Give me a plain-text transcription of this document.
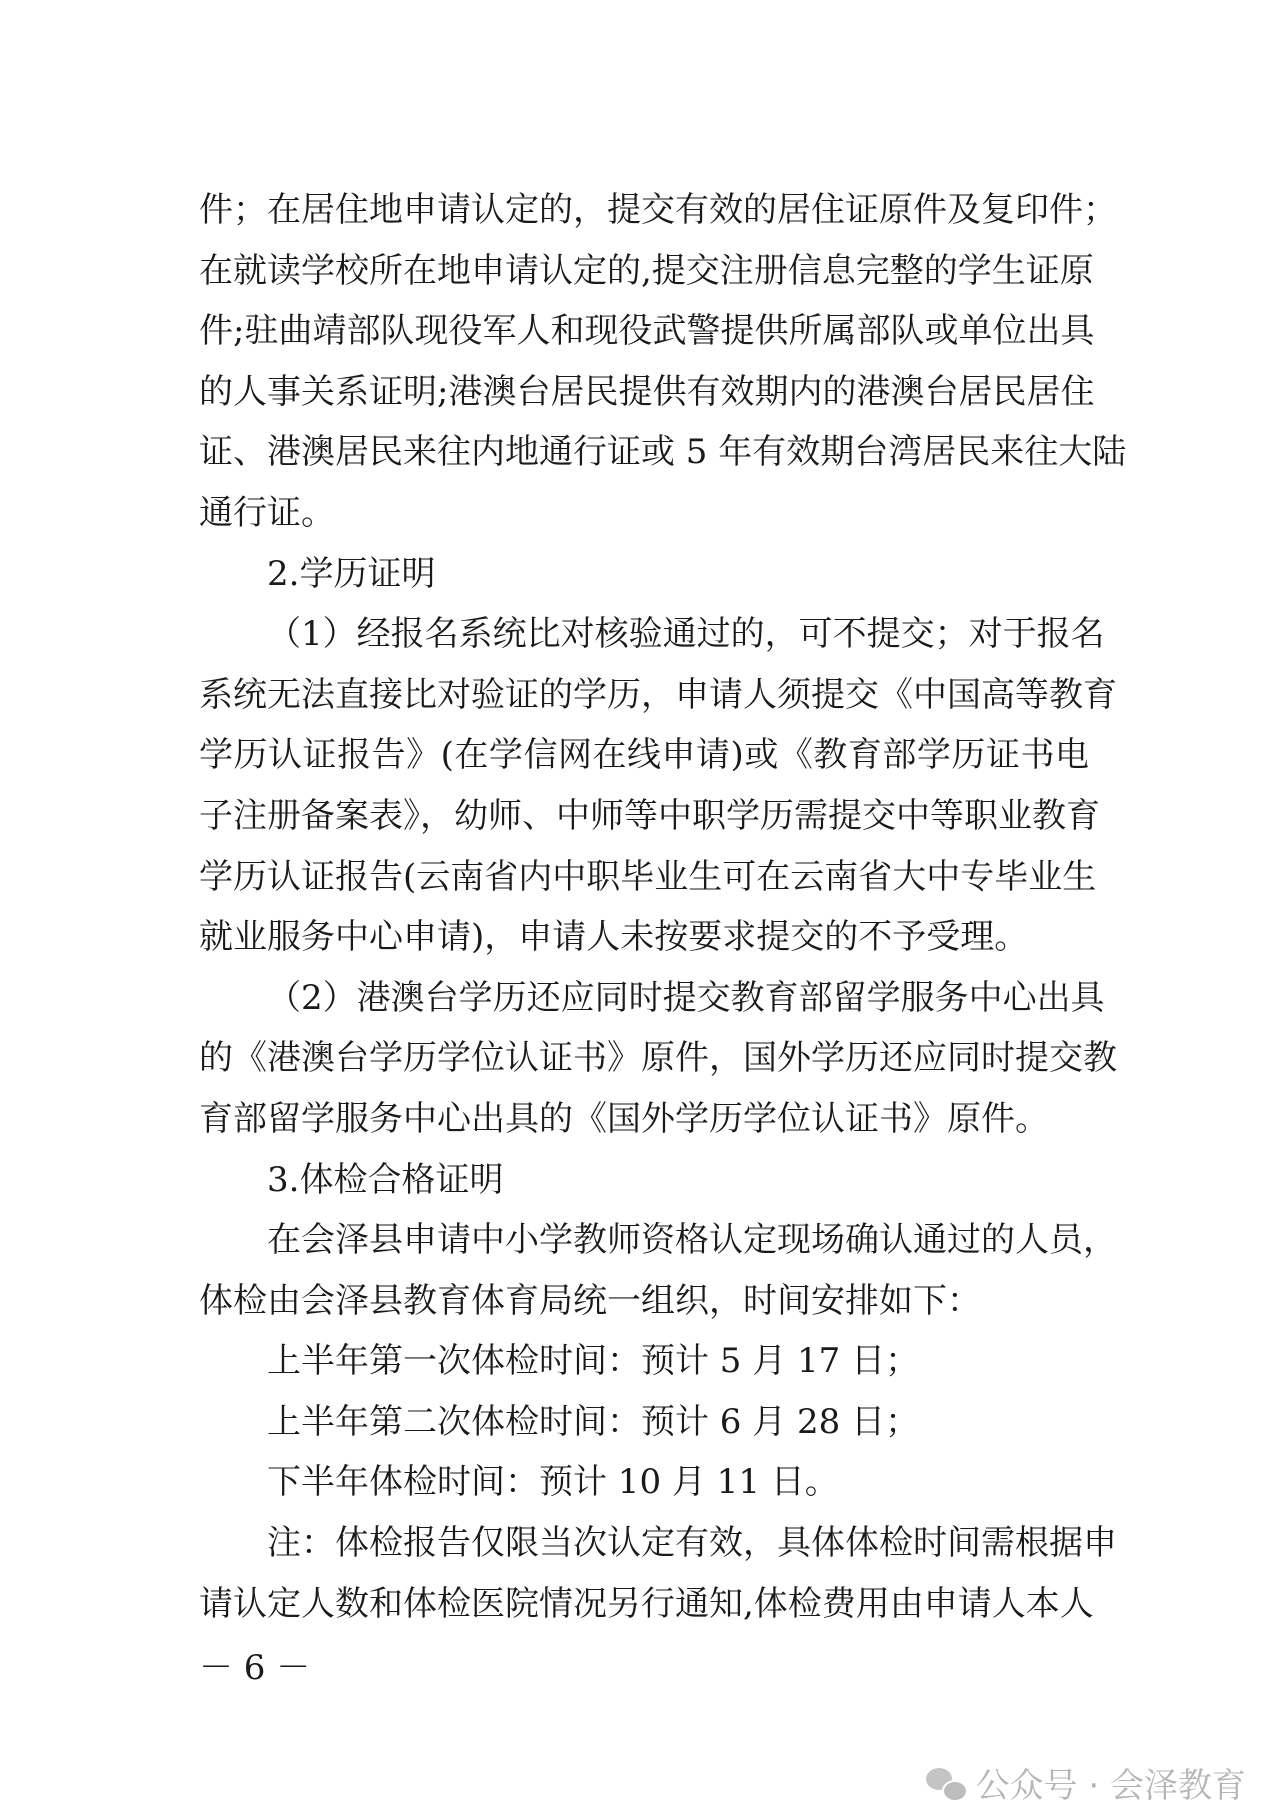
件；在居住地申请认定的，提交有效的居住证原件及复印件；
在就读学校所在地申请认定的,提交注册信息完整的学生证原
件;驻曲靖部队现役军人和现役武警提供所属部队或单位出具
的人事关系证明;港澳台居民提供有效期内的港澳台居民居住
证、港澳居民来往内地通行证或 5 年有效期台湾居民来往大陆
通行证。

2.学历证明

（1）经报名系统比对核验通过的，可不提交；对于报名
系统无法直接比对验证的学历，申请人须提交《中国高等教育
学历认证报告》(在学信网在线申请)或《教育部学历证书电
子注册备案表》，幼师、中师等中职学历需提交中等职业教育
学历认证报告(云南省内中职毕业生可在云南省大中专毕业生
就业服务中心申请)，申请人未按要求提交的不予受理。

（2）港澳台学历还应同时提交教育部留学服务中心出具
的《港澳台学历学位认证书》原件，国外学历还应同时提交教
育部留学服务中心出具的《国外学历学位认证书》原件。

3.体检合格证明

在会泽县申请中小学教师资格认定现场确认通过的人员，
体检由会泽县教育体育局统一组织，时间安排如下：

上半年第一次体检时间：预计 5 月 17 日；

上半年第二次体检时间：预计 6 月 28 日；

下半年体检时间：预计 10 月 11 日。

注：体检报告仅限当次认定有效，具体体检时间需根据申
请认定人数和体检医院情况另行通知,体检费用由申请人本人

－ 6 －
公众号 · 会泽教育
